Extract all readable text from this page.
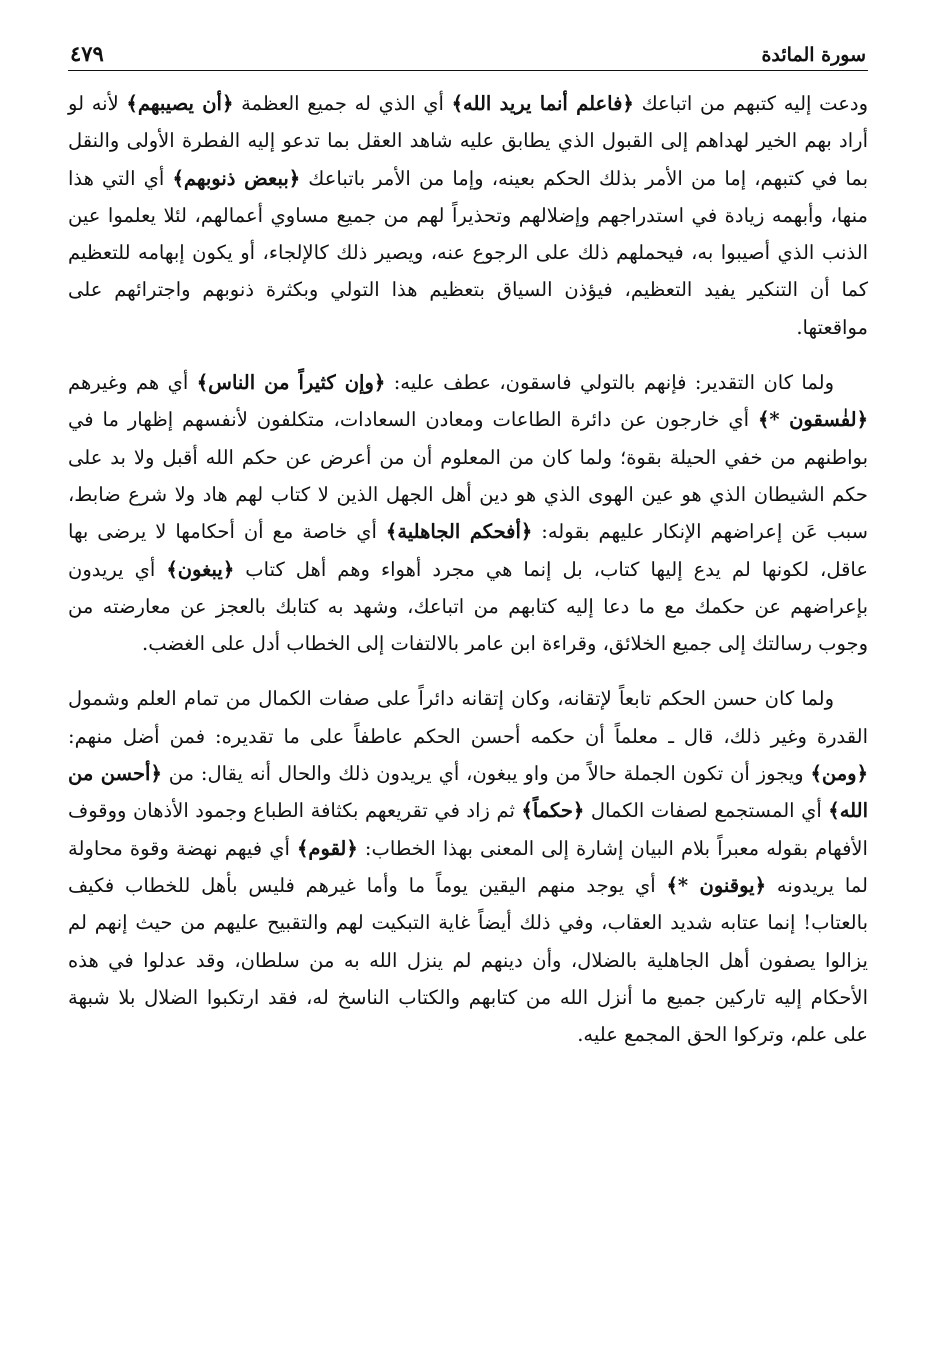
سورة المائدة
٤٧٩

ودعت إليه كتبهم من اتباعك ﴿فاعلم أنما يريد الله﴾ أي الذي له جميع العظمة ﴿أن يصيبهم﴾ لأنه لو أراد بهم الخير لهداهم إلى القبول الذي يطابق عليه شاهد العقل بما تدعو إليه الفطرة الأولى والنقل بما في كتبهم، إما من الأمر بذلك الحكم بعينه، وإما من الأمر باتباعك ﴿ببعض ذنوبهم﴾ أي التي هذا منها، وأبهمه زيادة في استدراجهم وإضلالهم وتحذيراً لهم من جميع مساوي أعمالهم، لئلا يعلموا عين الذنب الذي أصيبوا به، فيحملهم ذلك على الرجوع عنه، ويصير ذلك كالإلجاء، أو يكون إبهامه للتعظيم كما أن التنكير يفيد التعظيم، فيؤذن السياق بتعظيم هذا التولي وبكثرة ذنوبهم واجترائهم على مواقعتها.

ولما كان التقدير: فإنهم بالتولي فاسقون، عطف عليه: ﴿وإن كثيراً من الناس﴾ أي هم وغيرهم ﴿لفٰسقون *﴾ أي خارجون عن دائرة الطاعات ومعادن السعادات، متكلفون لأنفسهم إظهار ما في بواطنهم من خفي الحيلة بقوة؛ ولما كان من المعلوم أن من أعرض عن حكم الله أقبل ولا بد على حكم الشيطان الذي هو عين الهوى الذي هو دين أهل الجهل الذين لا كتاب لهم هاد ولا شرع ضابط، سبب عَن إعراضهم الإنكار عليهم بقوله: ﴿أفحكم الجاهلية﴾ أي خاصة مع أن أحكامها لا يرضى بها عاقل، لكونها لم يدع إليها كتاب، بل إنما هي مجرد أهواء وهم أهل كتاب ﴿يبغون﴾ أي يريدون بإعراضهم عن حكمك مع ما دعا إليه كتابهم من اتباعك، وشهد به كتابك بالعجز عن معارضته من وجوب رسالتك إلى جميع الخلائق، وقراءة ابن عامر بالالتفات إلى الخطاب أدل على الغضب.

ولما كان حسن الحكم تابعاً لإتقانه، وكان إتقانه دائراً على صفات الكمال من تمام العلم وشمول القدرة وغير ذلك، قال ـ معلماً أن حكمه أحسن الحكم عاطفاً على ما تقديره: فمن أضل منهم: ﴿ومن﴾ ويجوز أن تكون الجملة حالاً من واو يبغون، أي يريدون ذلك والحال أنه يقال: من ﴿أحسن من الله﴾ أي المستجمع لصفات الكمال ﴿حكماً﴾ ثم زاد في تقريعهم بكثافة الطباع وجمود الأذهان ووقوف الأفهام بقوله معبراً بلام البيان إشارة إلى المعنى بهذا الخطاب: ﴿لقوم﴾ أي فيهم نهضة وقوة محاولة لما يريدونه ﴿يوقنون *﴾ أي يوجد منهم اليقين يوماً ما وأما غيرهم فليس بأهل للخطاب فكيف بالعتاب! إنما عتابه شديد العقاب، وفي ذلك أيضاً غاية التبكيت لهم والتقبيح عليهم من حيث إنهم لم يزالوا يصفون أهل الجاهلية بالضلال، وأن دينهم لم ينزل الله به من سلطان، وقد عدلوا في هذه الأحكام إليه تاركين جميع ما أنزل الله من كتابهم والكتاب الناسخ له، فقد ارتكبوا الضلال بلا شبهة على علم، وتركوا الحق المجمع عليه.
